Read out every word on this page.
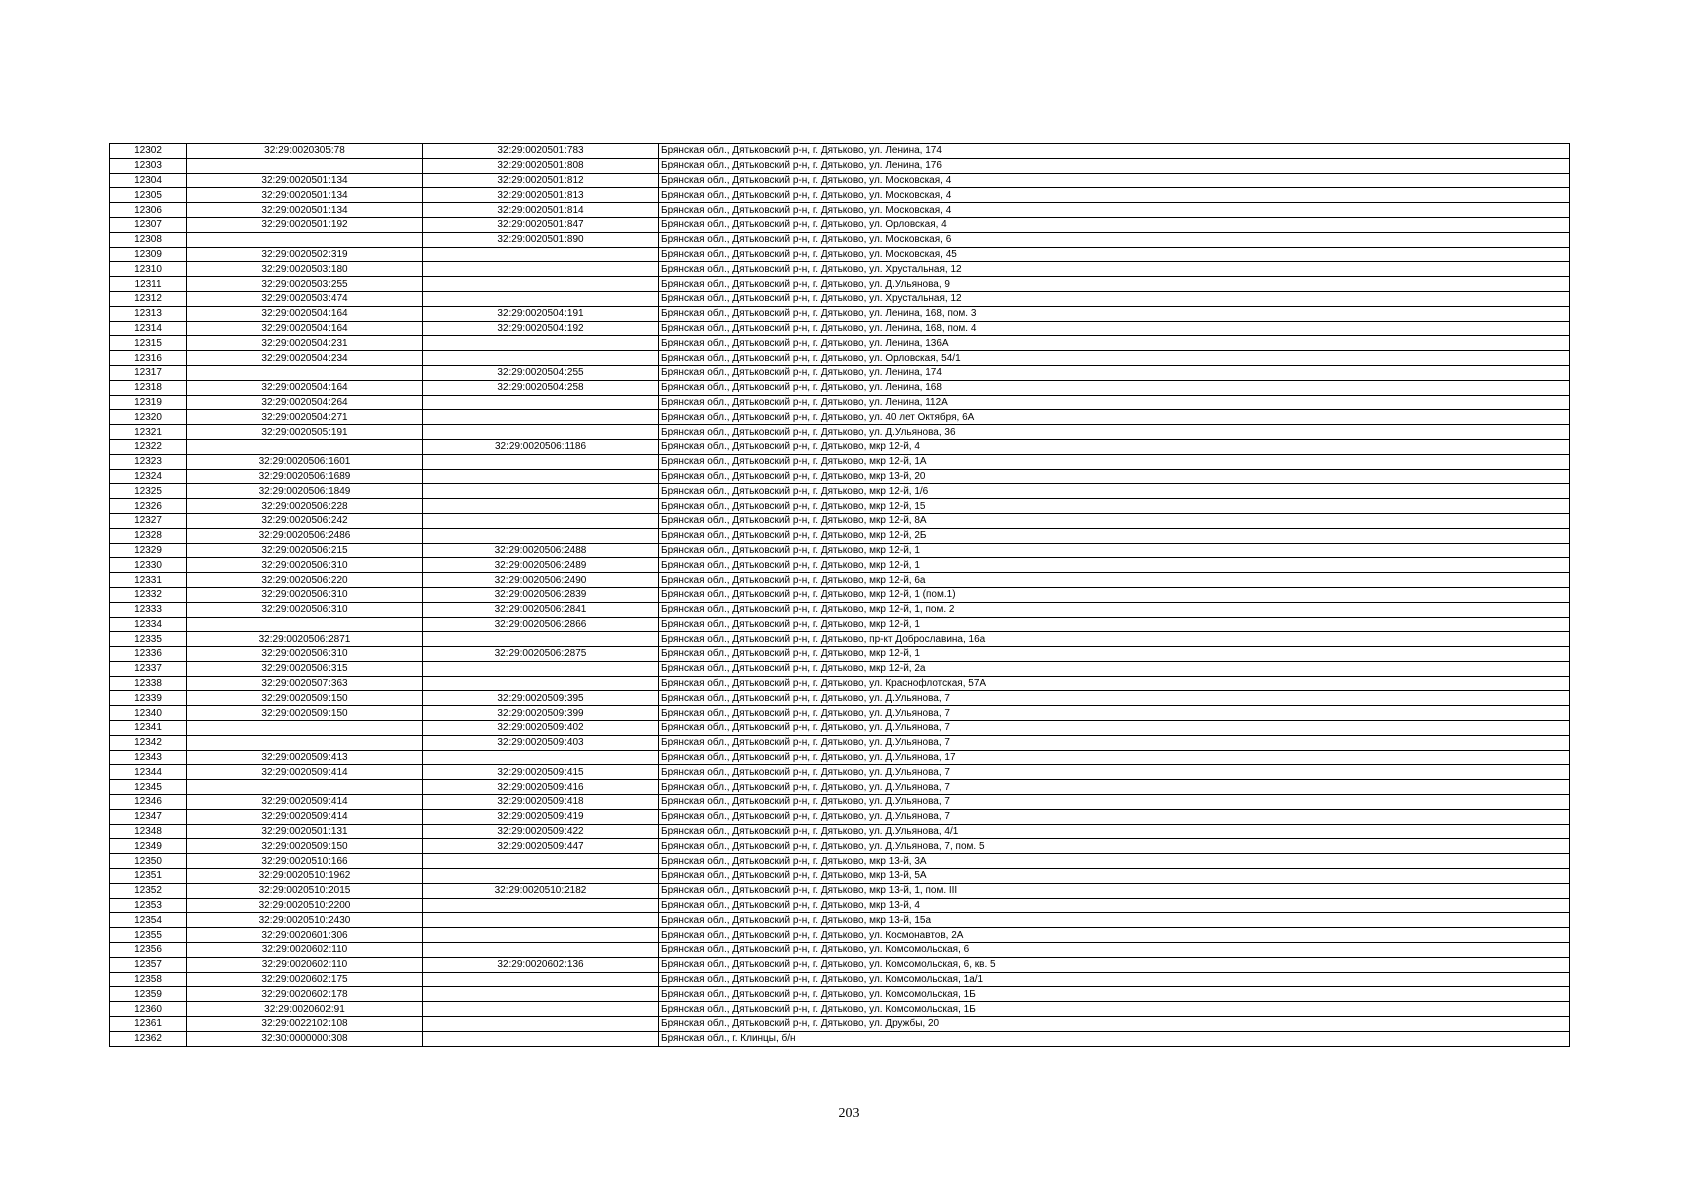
12302	32:29:0020305:78	32:29:0020501:783	Брянская обл., Дятьковский р-н, г. Дятьково, ул. Ленина, 174
12303		32:29:0020501:808	Брянская обл., Дятьковский р-н, г. Дятьково, ул. Ленина, 176
12304	32:29:0020501:134	32:29:0020501:812	Брянская обл., Дятьковский р-н, г. Дятьково, ул. Московская, 4
12305	32:29:0020501:134	32:29:0020501:813	Брянская обл., Дятьковский р-н, г. Дятьково, ул. Московская, 4
12306	32:29:0020501:134	32:29:0020501:814	Брянская обл., Дятьковский р-н, г. Дятьково, ул. Московская, 4
12307	32:29:0020501:192	32:29:0020501:847	Брянская обл., Дятьковский р-н, г. Дятьково, ул. Орловская, 4
12308		32:29:0020501:890	Брянская обл., Дятьковский р-н, г. Дятьково, ул. Московская, 6
12309	32:29:0020502:319		Брянская обл., Дятьковский р-н, г. Дятьково, ул. Московская, 45
12310	32:29:0020503:180		Брянская обл., Дятьковский р-н, г. Дятьково, ул. Хрустальная, 12
12311	32:29:0020503:255		Брянская обл., Дятьковский р-н, г. Дятьково, ул. Д.Ульянова, 9
12312	32:29:0020503:474		Брянская обл., Дятьковский р-н, г. Дятьково, ул. Хрустальная, 12
12313	32:29:0020504:164	32:29:0020504:191	Брянская обл., Дятьковский р-н, г. Дятьково, ул. Ленина, 168, пом. 3
12314	32:29:0020504:164	32:29:0020504:192	Брянская обл., Дятьковский р-н, г. Дятьково, ул. Ленина, 168, пом. 4
12315	32:29:0020504:231		Брянская обл., Дятьковский р-н, г. Дятьково, ул. Ленина, 136А
12316	32:29:0020504:234		Брянская обл., Дятьковский р-н, г. Дятьково, ул. Орловская, 54/1
12317		32:29:0020504:255	Брянская обл., Дятьковский р-н, г. Дятьково, ул. Ленина, 174
12318	32:29:0020504:164	32:29:0020504:258	Брянская обл., Дятьковский р-н, г. Дятьково, ул. Ленина, 168
12319	32:29:0020504:264		Брянская обл., Дятьковский р-н, г. Дятьково, ул. Ленина, 112А
12320	32:29:0020504:271		Брянская обл., Дятьковский р-н, г. Дятьково, ул. 40 лет Октября, 6А
12321	32:29:0020505:191		Брянская обл., Дятьковский р-н, г. Дятьково, ул. Д.Ульянова, 36
12322		32:29:0020506:1186	Брянская обл., Дятьковский р-н, г. Дятьково, мкр 12-й, 4
12323	32:29:0020506:1601		Брянская обл., Дятьковский р-н, г. Дятьково, мкр 12-й, 1А
12324	32:29:0020506:1689		Брянская обл., Дятьковский р-н, г. Дятьково, мкр 13-й, 20
12325	32:29:0020506:1849		Брянская обл., Дятьковский р-н, г. Дятьково, мкр 12-й, 1/6
12326	32:29:0020506:228		Брянская обл., Дятьковский р-н, г. Дятьково, мкр 12-й, 15
12327	32:29:0020506:242		Брянская обл., Дятьковский р-н, г. Дятьково, мкр 12-й, 8А
12328	32:29:0020506:2486		Брянская обл., Дятьковский р-н, г. Дятьково, мкр 12-й, 2Б
12329	32:29:0020506:215	32:29:0020506:2488	Брянская обл., Дятьковский р-н, г. Дятьково, мкр 12-й, 1
12330	32:29:0020506:310	32:29:0020506:2489	Брянская обл., Дятьковский р-н, г. Дятьково, мкр 12-й, 1
12331	32:29:0020506:220	32:29:0020506:2490	Брянская обл., Дятьковский р-н, г. Дятьково, мкр 12-й, 6а
12332	32:29:0020506:310	32:29:0020506:2839	Брянская обл., Дятьковский р-н, г. Дятьково, мкр 12-й, 1 (пом.1)
12333	32:29:0020506:310	32:29:0020506:2841	Брянская обл., Дятьковский р-н, г. Дятьково, мкр 12-й, 1, пом. 2
12334		32:29:0020506:2866	Брянская обл., Дятьковский р-н, г. Дятьково, мкр 12-й, 1
12335	32:29:0020506:2871		Брянская обл., Дятьковский р-н, г. Дятьково, пр-кт Доброславина, 16а
12336	32:29:0020506:310	32:29:0020506:2875	Брянская обл., Дятьковский р-н, г. Дятьково, мкр 12-й, 1
12337	32:29:0020506:315		Брянская обл., Дятьковский р-н, г. Дятьково, мкр 12-й, 2а
12338	32:29:0020507:363		Брянская обл., Дятьковский р-н, г. Дятьково, ул. Краснофлотская, 57А
12339	32:29:0020509:150	32:29:0020509:395	Брянская обл., Дятьковский р-н, г. Дятьково, ул. Д.Ульянова, 7
12340	32:29:0020509:150	32:29:0020509:399	Брянская обл., Дятьковский р-н, г. Дятьково, ул. Д.Ульянова, 7
12341		32:29:0020509:402	Брянская обл., Дятьковский р-н, г. Дятьково, ул. Д.Ульянова, 7
12342		32:29:0020509:403	Брянская обл., Дятьковский р-н, г. Дятьково, ул. Д.Ульянова, 7
12343	32:29:0020509:413		Брянская обл., Дятьковский р-н, г. Дятьково, ул. Д.Ульянова, 17
12344	32:29:0020509:414	32:29:0020509:415	Брянская обл., Дятьковский р-н, г. Дятьково, ул. Д.Ульянова, 7
12345		32:29:0020509:416	Брянская обл., Дятьковский р-н, г. Дятьково, ул. Д.Ульянова, 7
12346	32:29:0020509:414	32:29:0020509:418	Брянская обл., Дятьковский р-н, г. Дятьково, ул. Д.Ульянова, 7
12347	32:29:0020509:414	32:29:0020509:419	Брянская обл., Дятьковский р-н, г. Дятьково, ул. Д.Ульянова, 7
12348	32:29:0020501:131	32:29:0020509:422	Брянская обл., Дятьковский р-н, г. Дятьково, ул. Д.Ульянова, 4/1
12349	32:29:0020509:150	32:29:0020509:447	Брянская обл., Дятьковский р-н, г. Дятьково, ул. Д.Ульянова, 7, пом. 5
12350	32:29:0020510:166		Брянская обл., Дятьковский р-н, г. Дятьково, мкр 13-й, 3А
12351	32:29:0020510:1962		Брянская обл., Дятьковский р-н, г. Дятьково, мкр 13-й, 5А
12352	32:29:0020510:2015	32:29:0020510:2182	Брянская обл., Дятьковский р-н, г. Дятьково, мкр 13-й, 1, пом. III
12353	32:29:0020510:2200		Брянская обл., Дятьковский р-н, г. Дятьково, мкр 13-й, 4
12354	32:29:0020510:2430		Брянская обл., Дятьковский р-н, г. Дятьково, мкр 13-й, 15а
12355	32:29:0020601:306		Брянская обл., Дятьковский р-н, г. Дятьково, ул. Космонавтов, 2А
12356	32:29:0020602:110		Брянская обл., Дятьковский р-н, г. Дятьково, ул. Комсомольская, 6
12357	32:29:0020602:110	32:29:0020602:136	Брянская обл., Дятьковский р-н, г. Дятьково, ул. Комсомольская, 6, кв. 5
12358	32:29:0020602:175		Брянская обл., Дятьковский р-н, г. Дятьково, ул. Комсомольская, 1а/1
12359	32:29:0020602:178		Брянская обл., Дятьковский р-н, г. Дятьково, ул. Комсомольская, 1Б
12360	32:29:0020602:91		Брянская обл., Дятьковский р-н, г. Дятьково, ул. Комсомольская, 1Б
12361	32:29:0022102:108		Брянская обл., Дятьковский р-н, г. Дятьково, ул. Дружбы, 20
12362	32:30:0000000:308		Брянская обл., г. Клинцы, б/н
203
